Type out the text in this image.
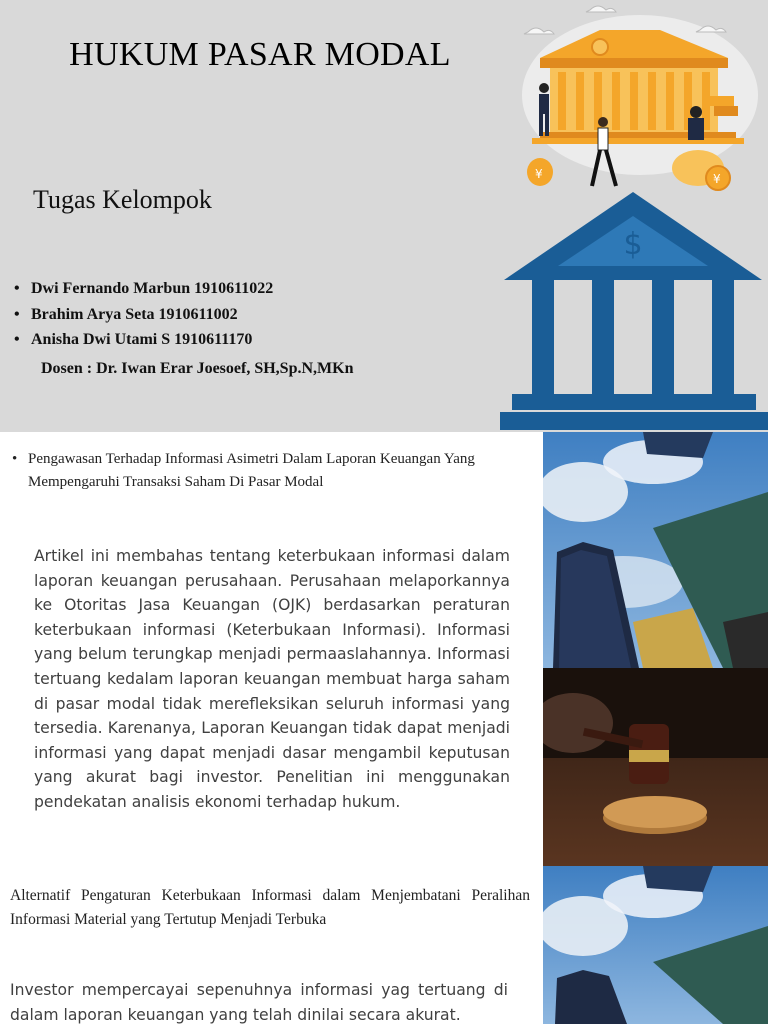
HUKUM PASAR MODAL
Tugas Kelompok
• Dwi Fernando Marbun 1910611022
• Brahim Arya Seta 1910611002
• Anisha Dwi Utami S 1910611170
Dosen : Dr. Iwan Erar Joesoef, SH,Sp.N,MKn
¥	¥
$
• Pengawasan Terhadap Informasi Asimetri Dalam Laporan Keuangan Yang Mempengaruhi Transaksi Saham Di Pasar Modal

Artikel ini membahas tentang keterbukaan informasi dalam laporan keuangan perusahaan. Perusahaan melaporkannya ke Otoritas Jasa Keuangan (OJK) berdasarkan peraturan keterbukaan informasi (Keterbukaan Informasi). Informasi yang belum terungkap menjadi permaaslahannya. Informasi tertuang kedalam laporan keuangan membuat harga saham di pasar modal tidak merefleksikan seluruh informasi yang tersedia. Karenanya, Laporan Keuangan tidak dapat menjadi informasi yang dapat menjadi dasar mengambil keputusan yang akurat bagi investor. Penelitian ini menggunakan pendekatan analisis ekonomi terhadap hukum.

Alternatif Pengaturan Keterbukaan Informasi dalam Menjembatani Peralihan Informasi Material yang Tertutup Menjadi Terbuka

Investor mempercayai sepenuhnya informasi yag tertuang di dalam laporan keuangan yang telah dinilai secara akurat.
